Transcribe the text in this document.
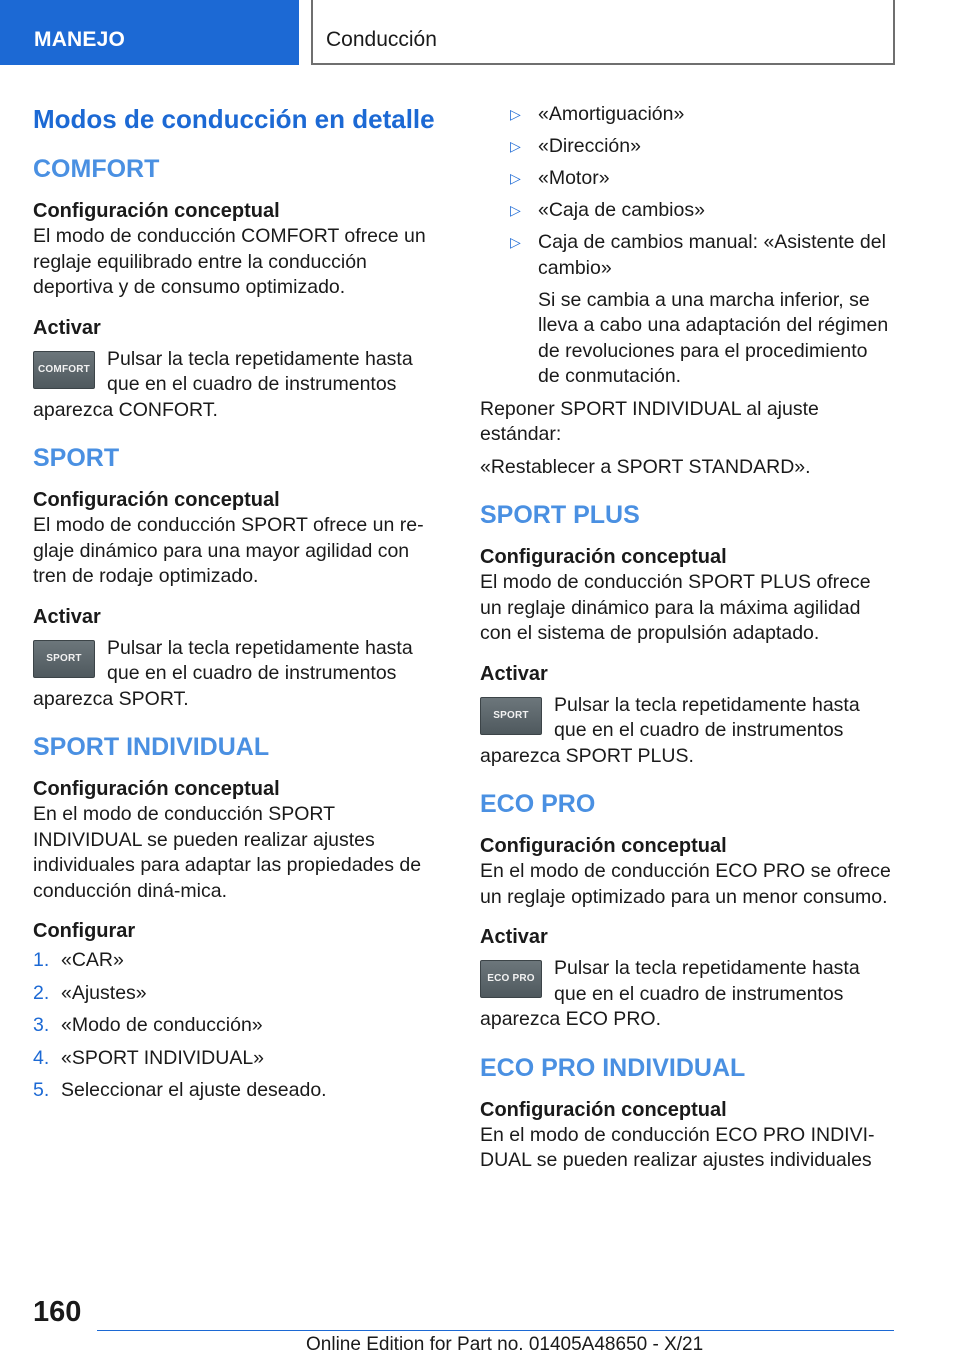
MANEJO	Conducción
Modos de conducción en detalle
COMFORT
Configuración conceptual
El modo de conducción COMFORT ofrece un reglaje equilibrado entre la conducción deportiva y de consumo optimizado.
Activar
COMFORT Pulsar la tecla repetidamente hasta que en el cuadro de instrumentos aparezca CONFORT.
SPORT
Configuración conceptual
El modo de conducción SPORT ofrece un re-glaje dinámico para una mayor agilidad con tren de rodaje optimizado.
Activar
SPORT	Pulsar la tecla repetidamente hasta que en el cuadro de instrumentos aparezca SPORT.
SPORT INDIVIDUAL
Configuración conceptual
En el modo de conducción SPORT INDIVIDUAL se pueden realizar ajustes individuales para adaptar las propiedades de conducción diná-mica.
Configurar
1. «CAR»
2. «Ajustes»
3. «Modo de conducción»
4. «SPORT INDIVIDUAL»
5. Seleccionar el ajuste deseado.
▷ «Amortiguación»
▷ «Dirección»
▷ «Motor»
▷ «Caja de cambios»
▷ Caja de cambios manual: «Asistente del cambio»
Si se cambia a una marcha inferior, se lleva a cabo una adaptación del régimen de revoluciones para el procedimiento de conmutación.
Reponer SPORT INDIVIDUAL al ajuste estándar:
«Restablecer a SPORT STANDARD».
SPORT PLUS
Configuración conceptual
El modo de conducción SPORT PLUS ofrece un reglaje dinámico para la máxima agilidad con el sistema de propulsión adaptado.
Activar
SPORT	Pulsar la tecla repetidamente hasta que en el cuadro de instrumentos aparezca SPORT PLUS.
ECO PRO
Configuración conceptual
En el modo de conducción ECO PRO se ofrece un reglaje optimizado para un menor consumo.
Activar
ECO PRO Pulsar la tecla repetidamente hasta que en el cuadro de instrumentos aparezca ECO PRO.
ECO PRO INDIVIDUAL
Configuración conceptual
En el modo de conducción ECO PRO INDIVI-DUAL se pueden realizar ajustes individuales
160
Online Edition for Part no. 01405A48650 - X/21
